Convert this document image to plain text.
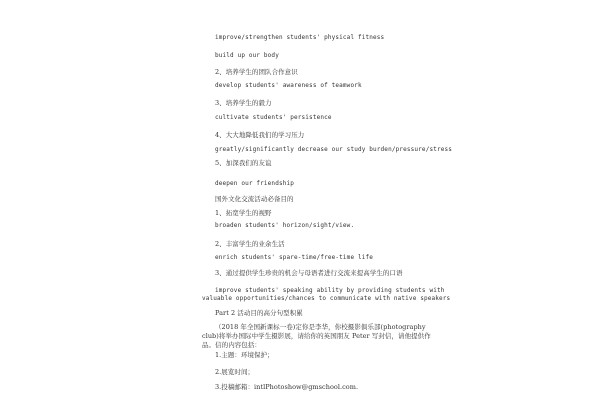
improve/strengthen students' physical fitness
build up our body
2、培养学生的团队合作意识
develop students' awareness of teamwork
3、培养学生的毅力
cultivate students' persistence
4、大大地降低我们的学习压力
greatly/significantly decrease our study burden/pressure/stress
5、加深我们的友谊
deepen our friendship
国外文化交流活动必备目的
1、拓宽学生的视野
broaden students' horizon/sight/view.
2、丰富学生的业余生活
enrich students' spare-time/free-time life
3、通过提供学生珍贵的机会与母语者进行交流来提高学生的口语
improve students' speaking ability by providing students with
valuable opportunities/chances to communicate with native speakers
Part 2 活动目的高分句型积累
（2018 年全国新课标一卷)定你是李华，你校摄影俱乐部(photography
club)将举办国际中学生摄影展，请给你的英国朋友 Peter 写封信，请他提供作
品。信的内容包括：
1.主题：环境保护；
2.展览时间；
3.投稿邮箱：intlPhotoshow@gmschool.com.
